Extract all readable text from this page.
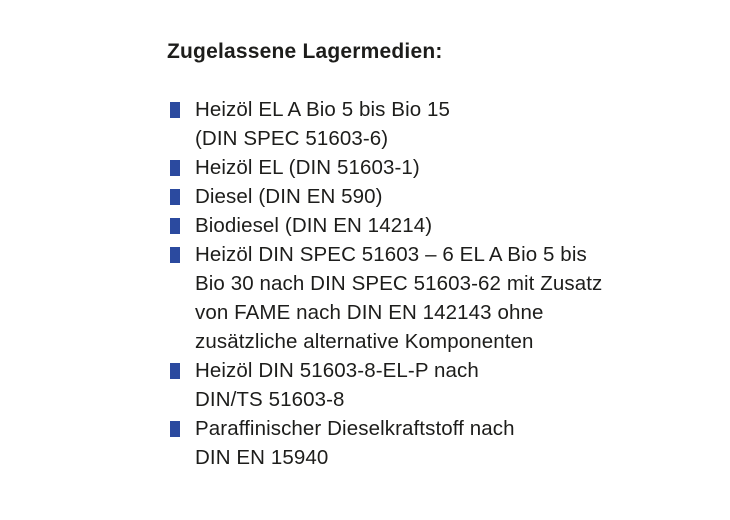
Zugelassene Lagermedien:
Heizöl EL A Bio 5 bis Bio 15
(DIN SPEC 51603-6)
Heizöl EL (DIN 51603-1)
Diesel (DIN EN 590)
Biodiesel (DIN EN 14214)
Heizöl DIN SPEC 51603 – 6 EL A Bio 5 bis
Bio 30 nach DIN SPEC 51603-62 mit Zusatz
von FAME nach DIN EN 142143 ohne
zusätzliche alternative Komponenten
Heizöl DIN 51603-8-EL-P nach
DIN/TS 51603-8
Paraffinischer Dieselkraftstoff nach
DIN EN 15940
